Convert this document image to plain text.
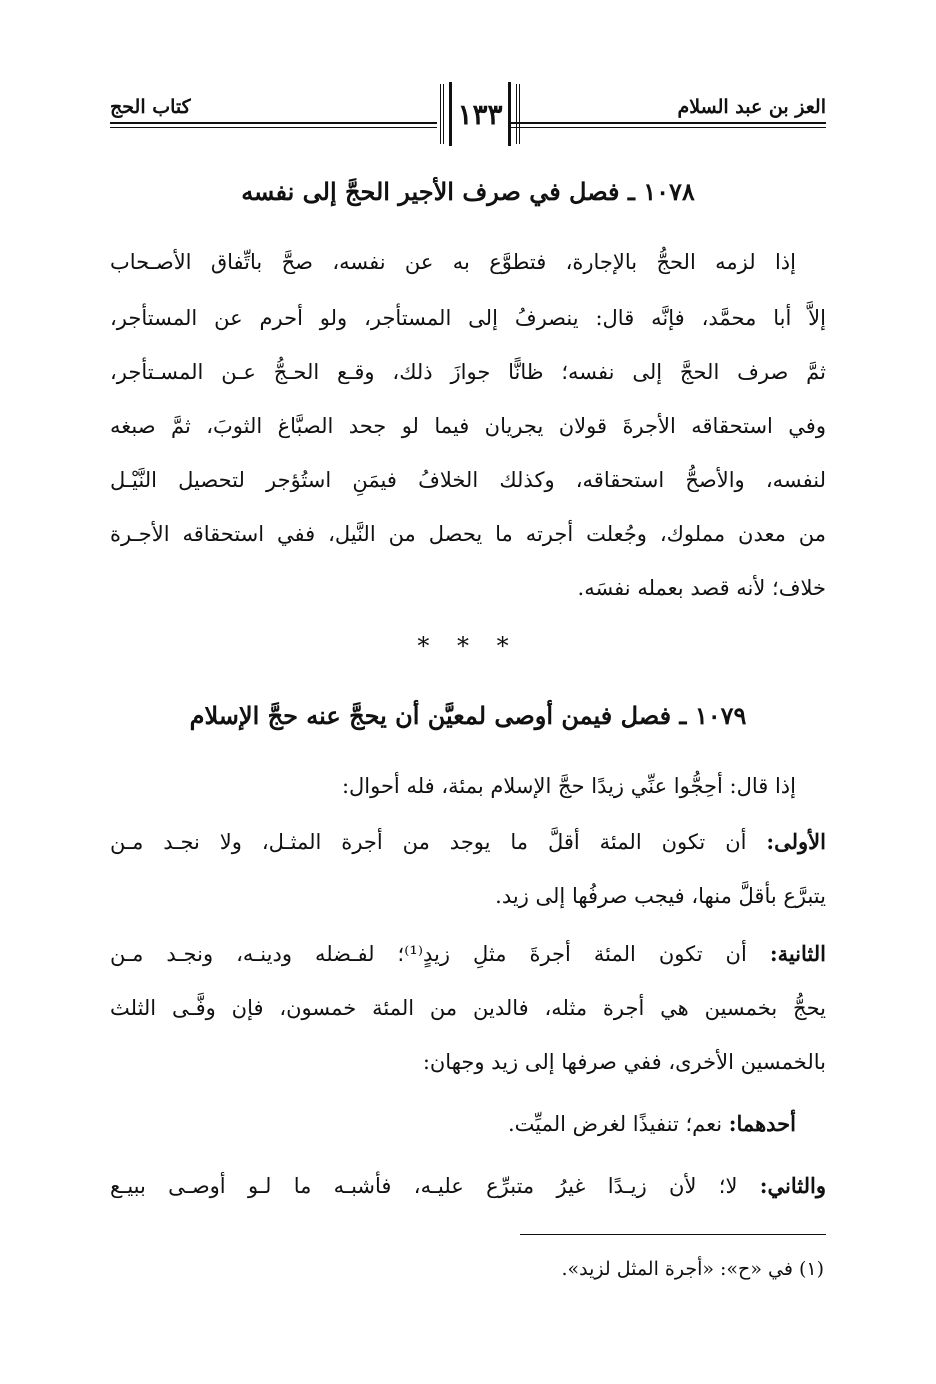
العز بن عبد السلام
١٣٣
كتاب الحج
١٠٧٨ ـ فصل في صرف الأجير الحجَّ إلى نفسه
إذا لزمه الحجُّ بالإجارة، فتطوَّع به عن نفسه، صحَّ باتِّفاق الأصـحاب
إلاَّ أبا محمَّد، فإنَّه قال: ينصرفُ إلى المستأجر، ولو أحرم عن المستأجر،
ثمَّ صرف الحجَّ إلى نفسه؛ ظانًّا جوازَ ذلك، وقـع الحـجُّ عـن المسـتأجر،
وفي استحقاقه الأجرةَ قولان يجريان فيما لو جحد الصبَّاغ الثوبَ، ثمَّ صبغه
لنفسه، والأصحُّ استحقاقه، وكذلك الخلافُ فيمَنِ استُؤجر لتحصيل النَّيْـل
من معدن مملوك، وجُعلت أجرته ما يحصل من النَّيل، ففي استحقاقه الأجـرة
خلاف؛ لأنه قصد بعمله نفسَه.
* * *
١٠٧٩ ـ فصل فيمن أوصى لمعيَّن أن يحجَّ عنه حجَّ الإسلام
إذا قال: أحِجُّوا عنِّي زيدًا حجَّ الإسلام بمئة، فله أحوال:
الأولى: أن تكون المئة أقلَّ ما يوجد من أجرة المثـل، ولا نجـد مـن
يتبرَّع بأقلَّ منها، فيجب صرفُها إلى زيد.
الثانية: أن تكون المئة أجرةَ مثلِ زيدٍ⁽¹⁾؛ لفـضله ودينـه، ونجـد مـن
يحجُّ بخمسين هي أجرة مثله، فالدين من المئة خمسون، فإن وفَّـى الثلث
بالخمسين الأخرى، ففي صرفها إلى زيد وجهان:
أحدهما: نعم؛ تنفيذًا لغرض الميِّت.
والثاني: لا؛ لأن زيـدًا غيرُ متبرِّع عليـه، فأشبـه ما لـو أوصـى ببيـع
(١) في «ح»: «أجرة المثل لزيد».
